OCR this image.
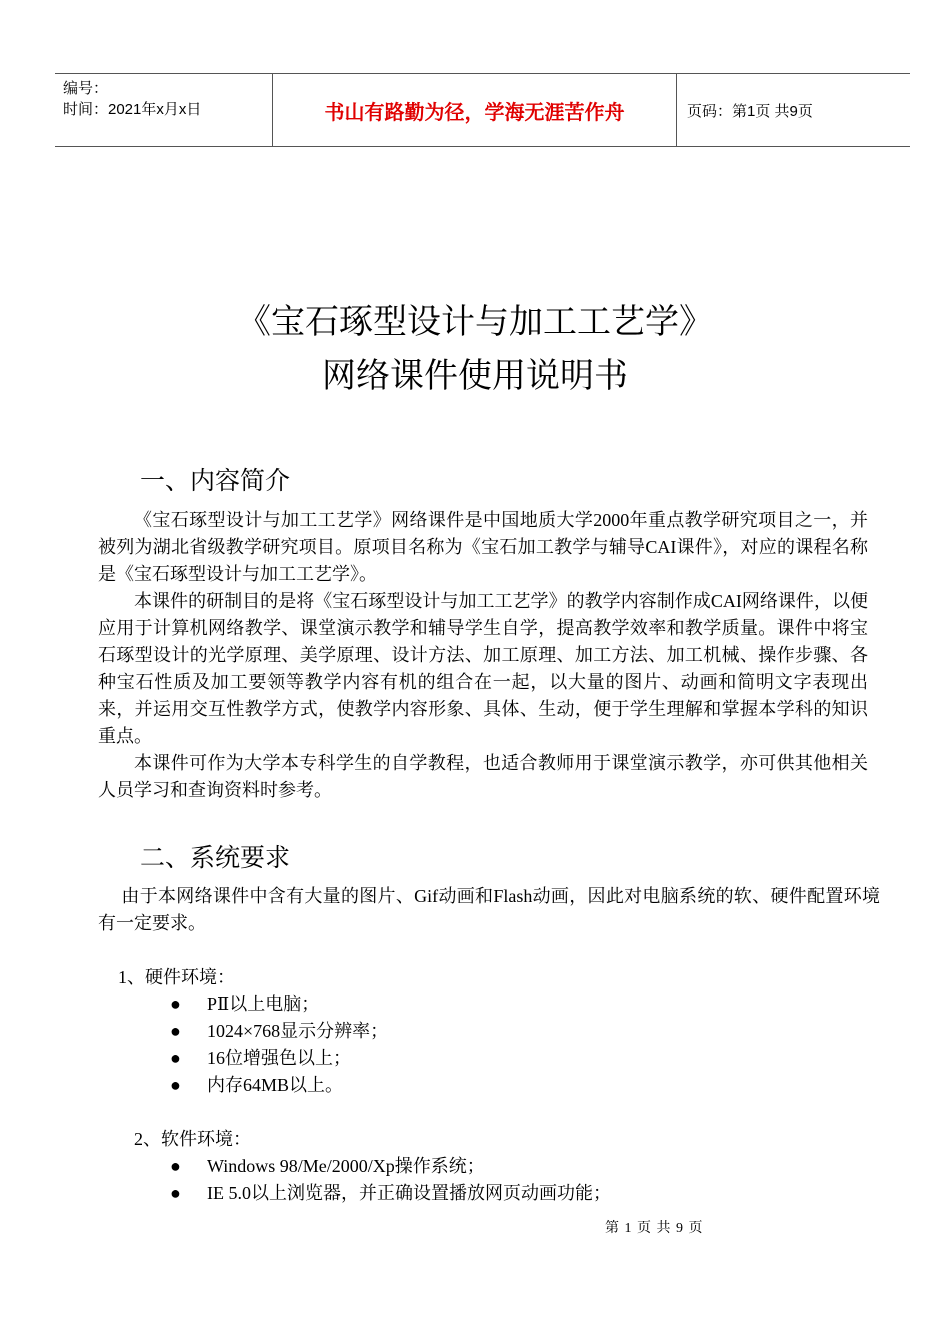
编号：
时间：2021年x月x日	书山有路勤为径，学海无涯苦作舟	页码：第1页 共9页
《宝石琢型设计与加工工艺学》
网络课件使用说明书
一、内容简介

《宝石琢型设计与加工工艺学》网络课件是中国地质大学2000年重点教学研究项目之一，并被列为湖北省级教学研究项目。原项目名称为《宝石加工教学与辅导CAI课件》，对应的课程名称是《宝石琢型设计与加工工艺学》。

本课件的研制目的是将《宝石琢型设计与加工工艺学》的教学内容制作成CAI网络课件，以便应用于计算机网络教学、课堂演示教学和辅导学生自学，提高教学效率和教学质量。课件中将宝石琢型设计的光学原理、美学原理、设计方法、加工原理、加工方法、加工机械、操作步骤、各种宝石性质及加工要领等教学内容有机的组合在一起，以大量的图片、动画和简明文字表现出来，并运用交互性教学方式，使教学内容形象、具体、生动，便于学生理解和掌握本学科的知识重点。

本课件可作为大学本专科学生的自学教程，也适合教师用于课堂演示教学，亦可供其他相关人员学习和查询资料时参考。

二、系统要求

由于本网络课件中含有大量的图片、Gif动画和Flash动画，因此对电脑系统的软、硬件配置环境有一定要求。

1、硬件环境：
● PⅡ以上电脑；
● 1024×768显示分辨率；
● 16位增强色以上；
● 内存64MB以上。
2、软件环境：
● Windows 98/Me/2000/Xp操作系统；
● IE 5.0以上浏览器，并正确设置播放网页动画功能；
第 1 页 共 9 页
